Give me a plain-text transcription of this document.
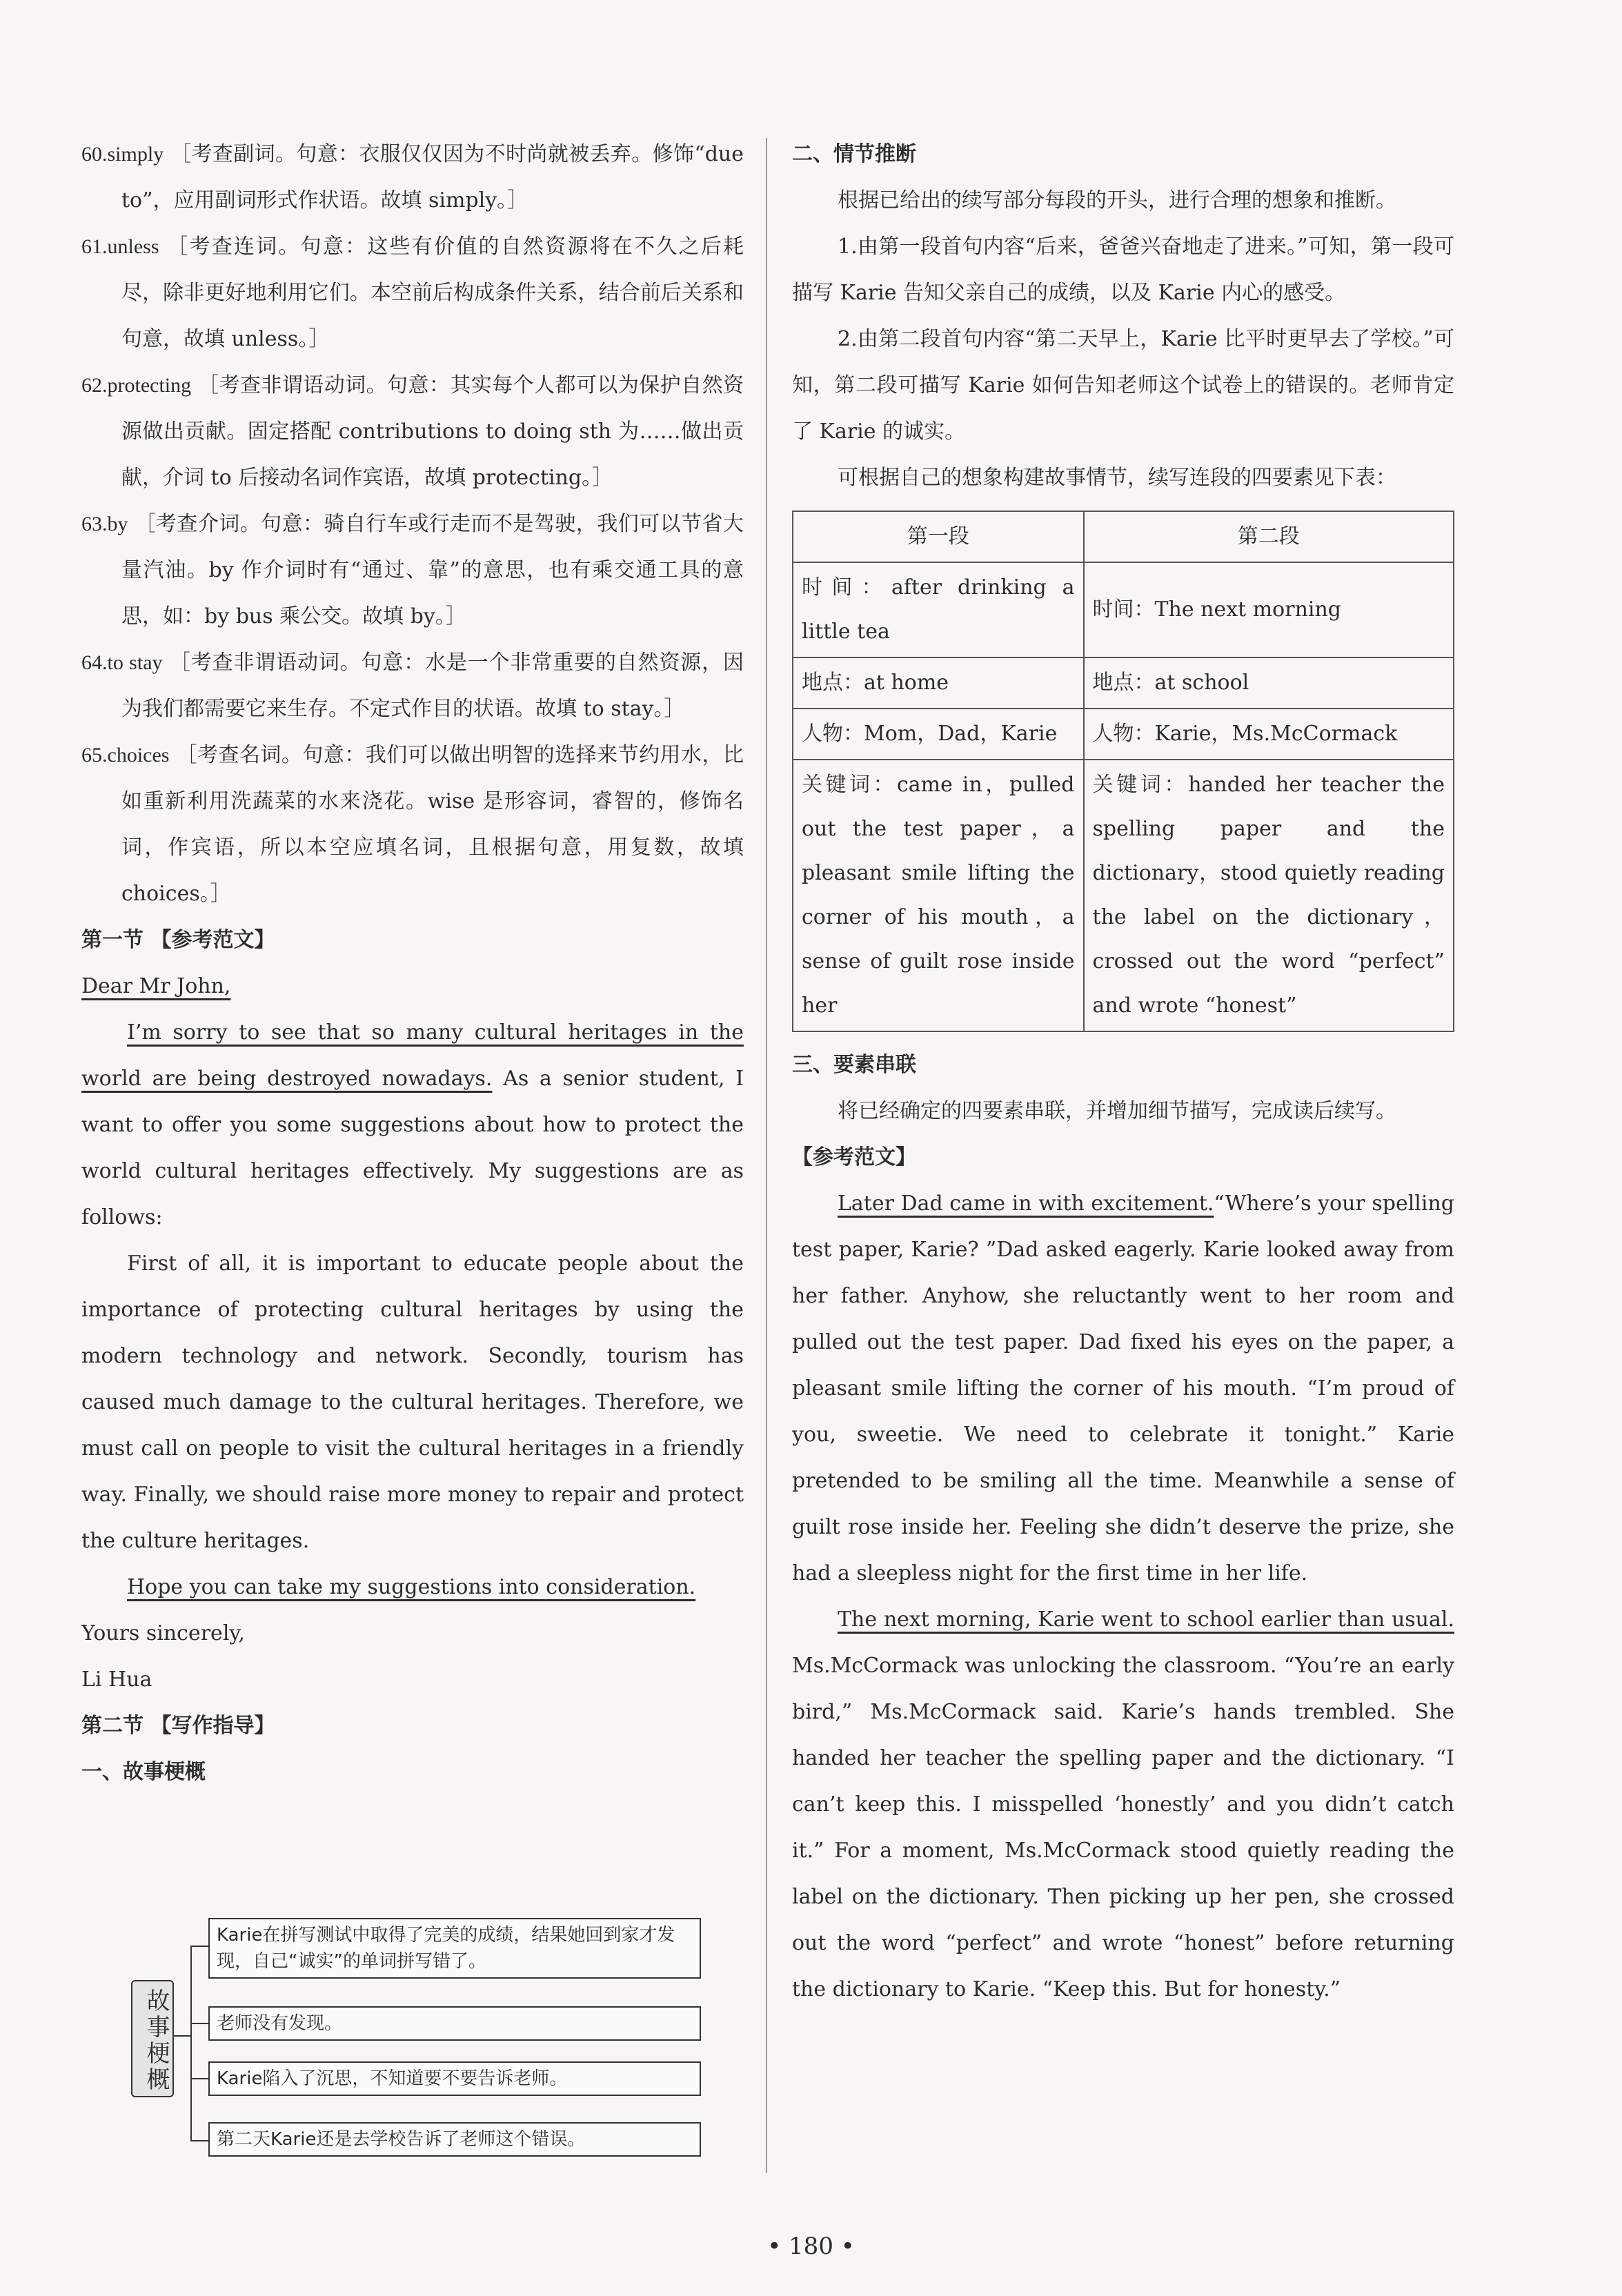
60.simply ［考查副词。句意：衣服仅仅因为不时尚就被丢弃。修饰“due to”，应用副词形式作状语。故填 simply。］

61.unless ［考查连词。句意：这些有价值的自然资源将在不久之后耗尽，除非更好地利用它们。本空前后构成条件关系，结合前后关系和句意，故填 unless。］

62.protecting ［考查非谓语动词。句意：其实每个人都可以为保护自然资源做出贡献。固定搭配 contributions to doing sth 为……做出贡献，介词 to 后接动名词作宾语，故填 protecting。］

63.by ［考查介词。句意：骑自行车或行走而不是驾驶，我们可以节省大量汽油。by 作介词时有“通过、靠”的意思，也有乘交通工具的意思，如：by bus 乘公交。故填 by。］

64.to stay ［考查非谓语动词。句意：水是一个非常重要的自然资源，因为我们都需要它来生存。不定式作目的状语。故填 to stay。］

65.choices ［考查名词。句意：我们可以做出明智的选择来节约用水，比如重新利用洗蔬菜的水来浇花。wise 是形容词，睿智的，修饰名词，作宾语，所以本空应填名词，且根据句意，用复数，故填 choices。］

第一节 【参考范文】

Dear Mr John,

I’m sorry to see that so many cultural heritages in the world are being destroyed nowadays. As a senior student, I want to offer you some suggestions about how to protect the world cultural heritages effectively. My suggestions are as follows:

First of all, it is important to educate people about the importance of protecting cultural heritages by using the modern technology and network. Secondly, tourism has caused much damage to the cultural heritages. Therefore, we must call on people to visit the cultural heritages in a friendly way. Finally, we should raise more money to repair and protect the culture heritages.

Hope you can take my suggestions into consideration.

Yours sincerely,

Li Hua

第二节 【写作指导】

一、故事梗概

故事梗概
Karie在拼写测试中取得了完美的成绩，结果她回到家才发现，自己“诚实”的单词拼写错了。
老师没有发现。
Karie陷入了沉思，不知道要不要告诉老师。
第二天Karie还是去学校告诉了老师这个错误。

二、情节推断

根据已给出的续写部分每段的开头，进行合理的想象和推断。

1.由第一段首句内容“后来，爸爸兴奋地走了进来。”可知，第一段可描写 Karie 告知父亲自己的成绩，以及 Karie 内心的感受。

2.由第二段首句内容“第二天早上，Karie 比平时更早去了学校。”可知，第二段可描写 Karie 如何告知老师这个试卷上的错误的。老师肯定了 Karie 的诚实。

可根据自己的想象构建故事情节，续写连段的四要素见下表：

第一段	第二段
时间：after drinking a little tea	时间：The next morning
地点：at home	地点：at school
人物：Mom，Dad，Karie	人物：Karie，Ms.McCormack
关键词：came in，pulled out the test paper，a pleasant smile lifting the corner of his mouth，a sense of guilt rose inside her	关键词：handed her teacher the spelling paper and the dictionary，stood quietly reading the label on the dictionary，crossed out the word “perfect” and wrote “honest”

三、要素串联

将已经确定的四要素串联，并增加细节描写，完成读后续写。

【参考范文】

Later Dad came in with excitement.“Where’s your spelling test paper, Karie? ”Dad asked eagerly. Karie looked away from her father. Anyhow, she reluctantly went to her room and pulled out the test paper. Dad fixed his eyes on the paper, a pleasant smile lifting the corner of his mouth. “I’m proud of you, sweetie. We need to celebrate it tonight.” Karie pretended to be smiling all the time. Meanwhile a sense of guilt rose inside her. Feeling she didn’t deserve the prize, she had a sleepless night for the first time in her life.

The next morning, Karie went to school earlier than usual. Ms.McCormack was unlocking the classroom. “You’re an early bird,” Ms.McCormack said. Karie’s hands trembled. She handed her teacher the spelling paper and the dictionary. “I can’t keep this. I misspelled ‘honestly’ and you didn’t catch it.” For a moment, Ms.McCormack stood quietly reading the label on the dictionary. Then picking up her pen, she crossed out the word “perfect” and wrote “honest” before returning the dictionary to Karie. “Keep this. But for honesty.”

• 180 •
